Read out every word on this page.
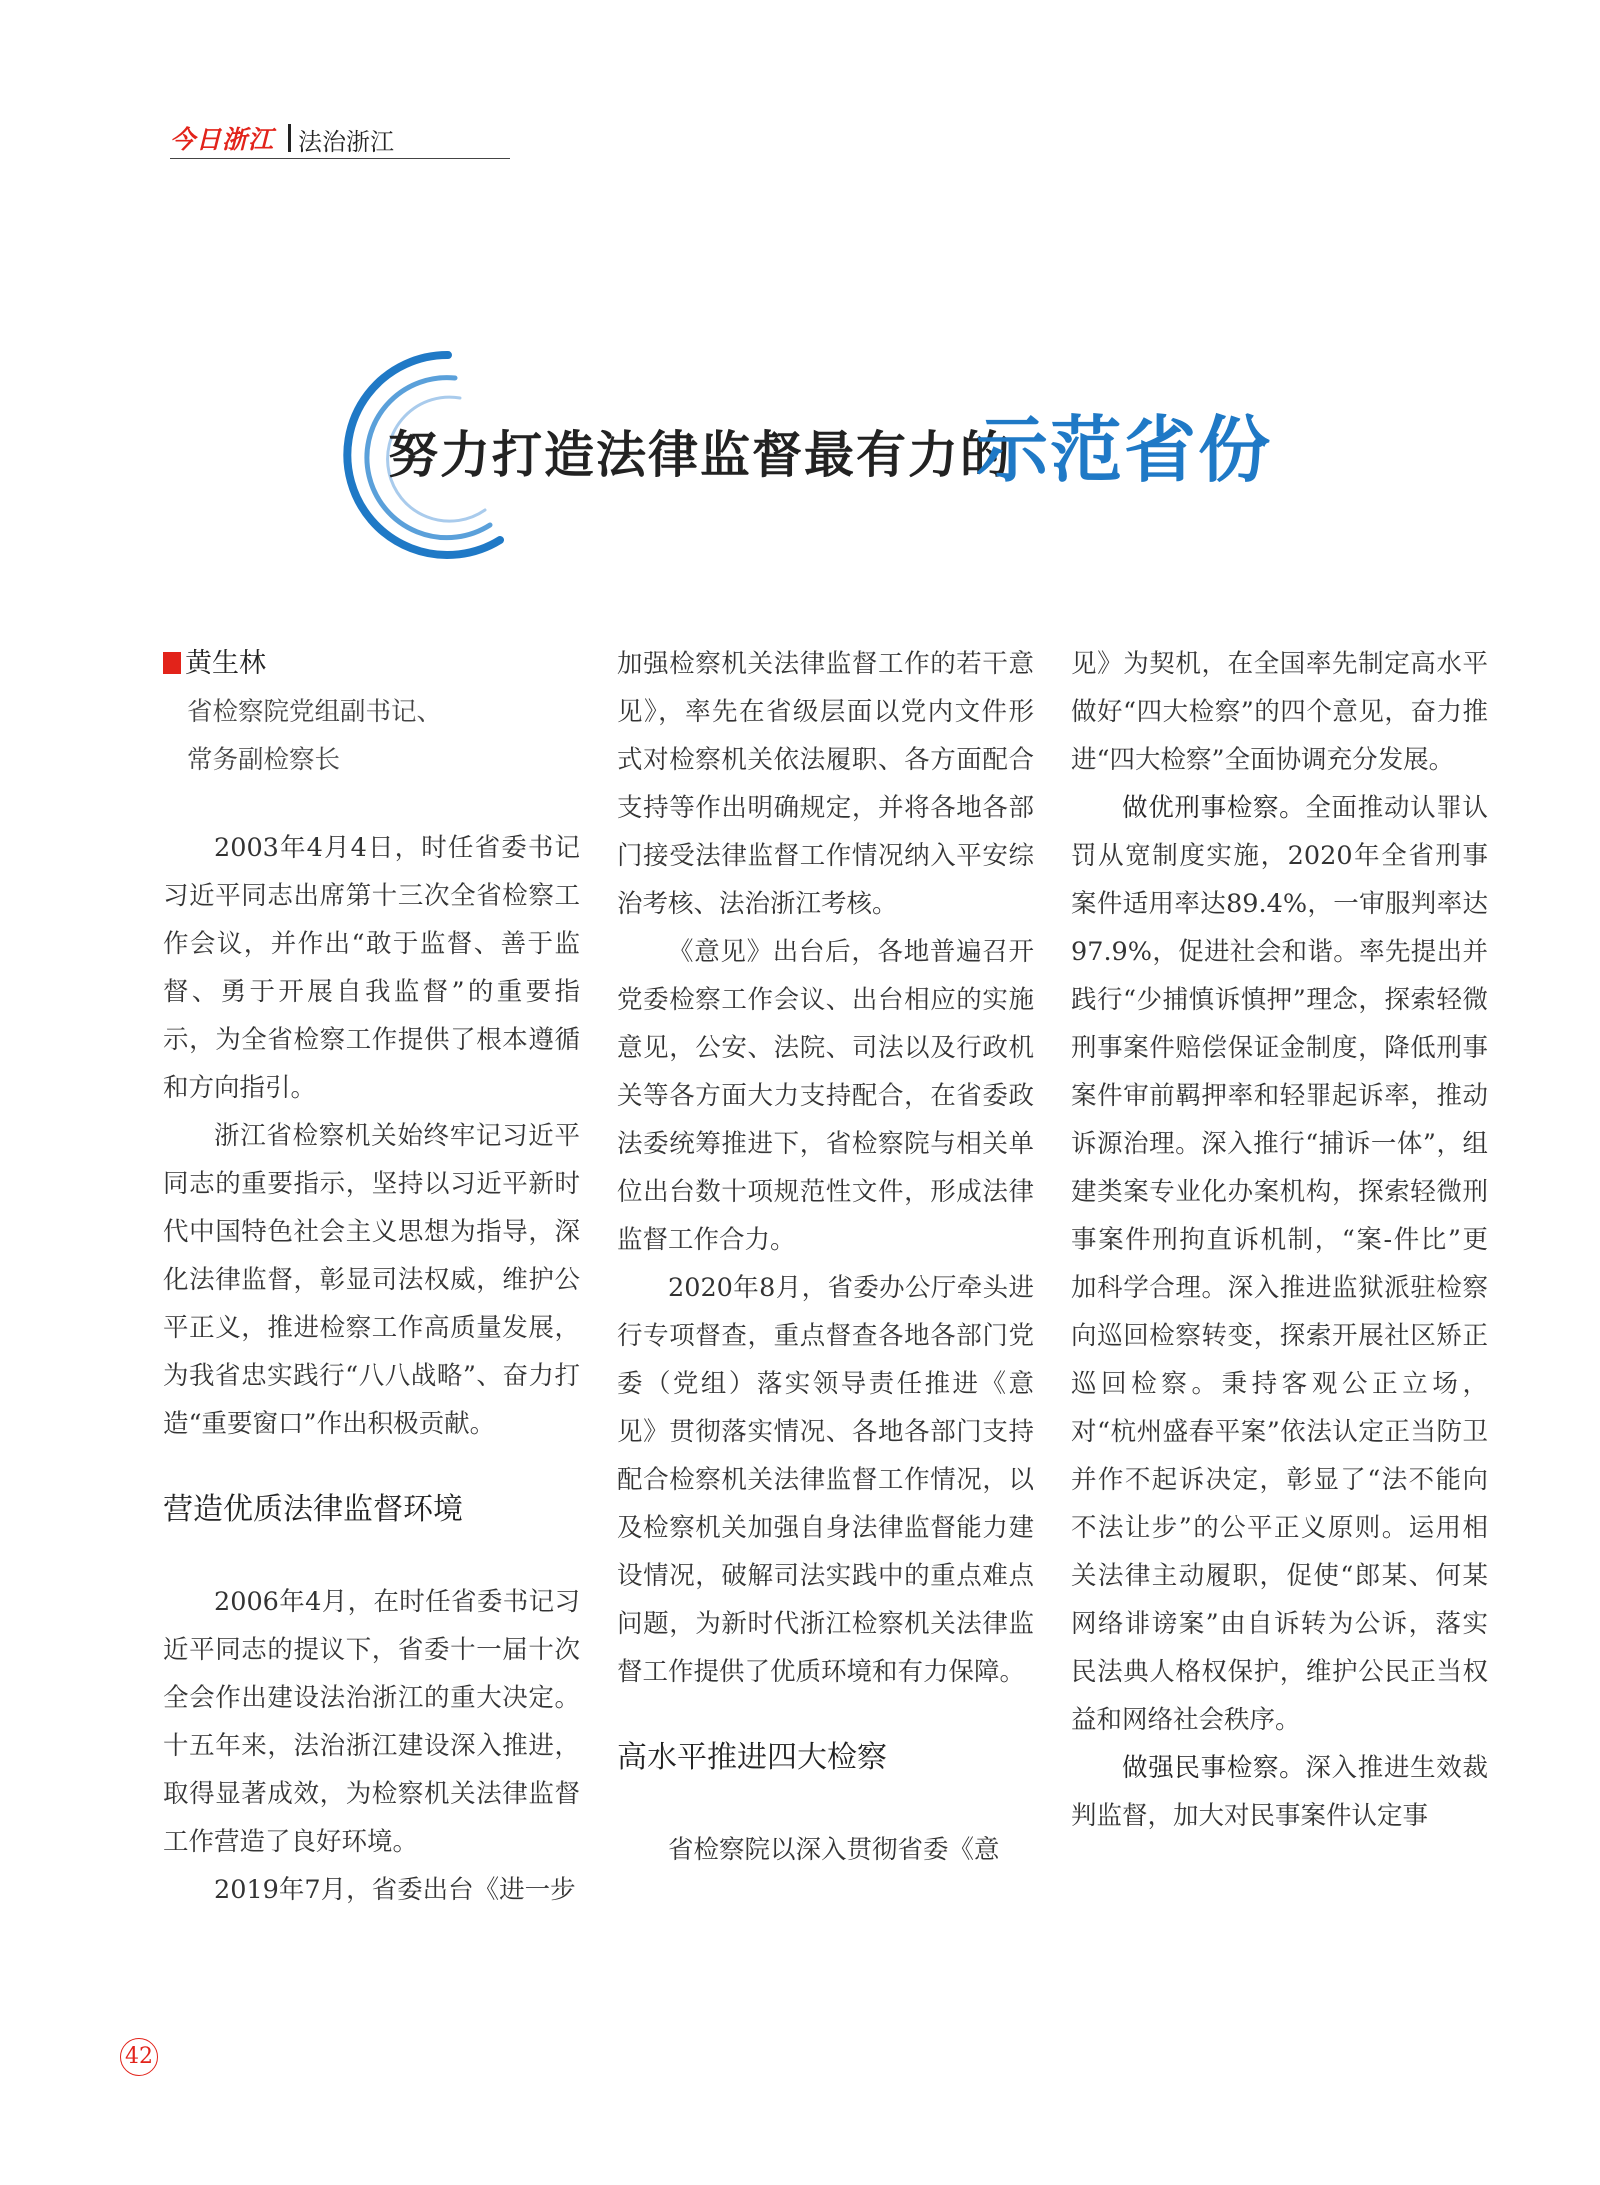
今日浙江 法治浙江
努力打造法律监督最有力的
示范省份
黄生林
省检察院党组副书记、
常务副检察长

2003年4月4日，时任省委书记习近平同志出席第十三次全省检察工作会议，并作出“敢于监督、善于监督、勇于开展自我监督”的重要指示，为全省检察工作提供了根本遵循和方向指引。

浙江省检察机关始终牢记习近平同志的重要指示，坚持以习近平新时代中国特色社会主义思想为指导，深化法律监督，彰显司法权威，维护公平正义，推进检察工作高质量发展，为我省忠实践行“八八战略”、奋力打造“重要窗口”作出积极贡献。

营造优质法律监督环境

2006年4月，在时任省委书记习近平同志的提议下，省委十一届十次全会作出建设法治浙江的重大决定。十五年来，法治浙江建设深入推进，取得显著成效，为检察机关法律监督工作营造了良好环境。

2019年7月，省委出台《进一步

加强检察机关法律监督工作的若干意见》，率先在省级层面以党内文件形式对检察机关依法履职、各方面配合支持等作出明确规定，并将各地各部门接受法律监督工作情况纳入平安综治考核、法治浙江考核。

《意见》出台后，各地普遍召开党委检察工作会议、出台相应的实施意见，公安、法院、司法以及行政机关等各方面大力支持配合，在省委政法委统筹推进下，省检察院与相关单位出台数十项规范性文件，形成法律监督工作合力。

2020年8月，省委办公厅牵头进行专项督查，重点督查各地各部门党委（党组）落实领导责任推进《意见》贯彻落实情况、各地各部门支持配合检察机关法律监督工作情况，以及检察机关加强自身法律监督能力建设情况，破解司法实践中的重点难点问题，为新时代浙江检察机关法律监督工作提供了优质环境和有力保障。

高水平推进四大检察

省检察院以深入贯彻省委《意

见》为契机，在全国率先制定高水平做好“四大检察”的四个意见，奋力推进“四大检察”全面协调充分发展。

做优刑事检察。全面推动认罪认罚从宽制度实施，2020年全省刑事案件适用率达89.4%，一审服判率达97.9%，促进社会和谐。率先提出并践行“少捕慎诉慎押”理念，探索轻微刑事案件赔偿保证金制度，降低刑事案件审前羁押率和轻罪起诉率，推动诉源治理。深入推行“捕诉一体”，组建类案专业化办案机构，探索轻微刑事案件刑拘直诉机制，“案-件比”更加科学合理。深入推进监狱派驻检察向巡回检察转变，探索开展社区矫正巡回检察。秉持客观公正立场，对“杭州盛春平案”依法认定正当防卫并作不起诉决定，彰显了“法不能向不法让步”的公平正义原则。运用相关法律主动履职，促使“郎某、何某网络诽谤案”由自诉转为公诉，落实民法典人格权保护，维护公民正当权益和网络社会秩序。

做强民事检察。深入推进生效裁判监督，加大对民事案件认定事

42
